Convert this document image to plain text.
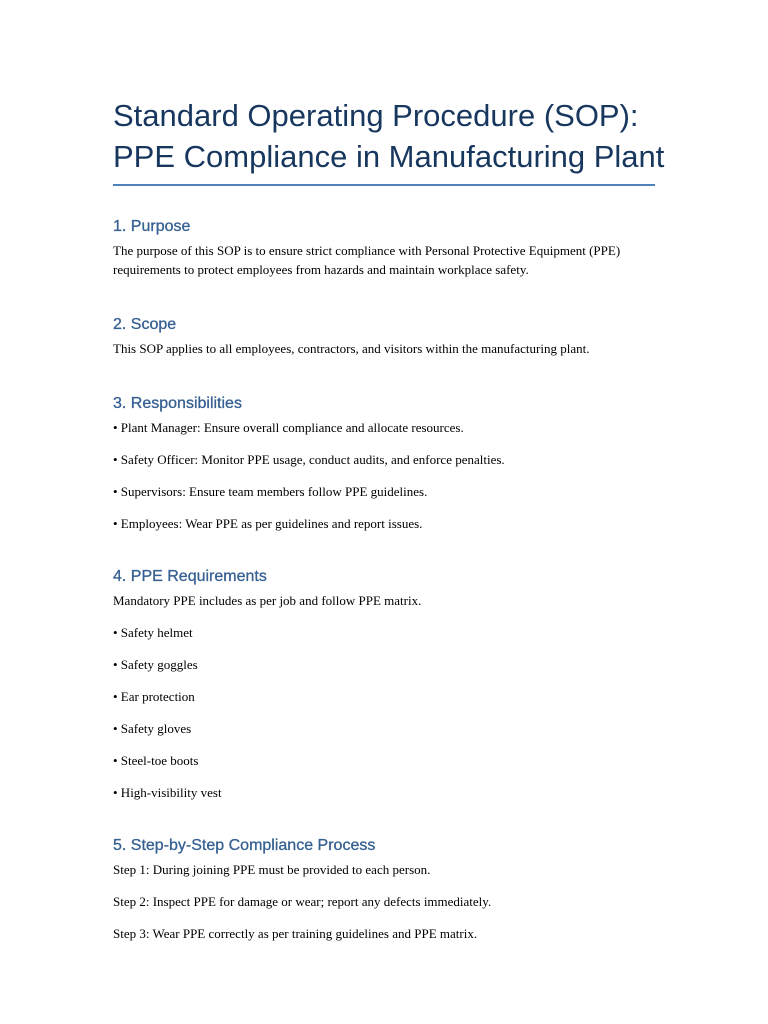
Standard Operating Procedure (SOP):
PPE Compliance in Manufacturing Plant
1. Purpose

The purpose of this SOP is to ensure strict compliance with Personal Protective Equipment (PPE) requirements to protect employees from hazards and maintain workplace safety.

2. Scope

This SOP applies to all employees, contractors, and visitors within the manufacturing plant.

3. Responsibilities

• Plant Manager: Ensure overall compliance and allocate resources.

• Safety Officer: Monitor PPE usage, conduct audits, and enforce penalties.

• Supervisors: Ensure team members follow PPE guidelines.

• Employees: Wear PPE as per guidelines and report issues.

4. PPE Requirements

Mandatory PPE includes as per job and follow PPE matrix.

• Safety helmet

• Safety goggles

• Ear protection

• Safety gloves

• Steel-toe boots

• High-visibility vest

5. Step-by-Step Compliance Process

Step 1: During joining PPE must be provided to each person.

Step 2: Inspect PPE for damage or wear; report any defects immediately.

Step 3: Wear PPE correctly as per training guidelines and PPE matrix.
